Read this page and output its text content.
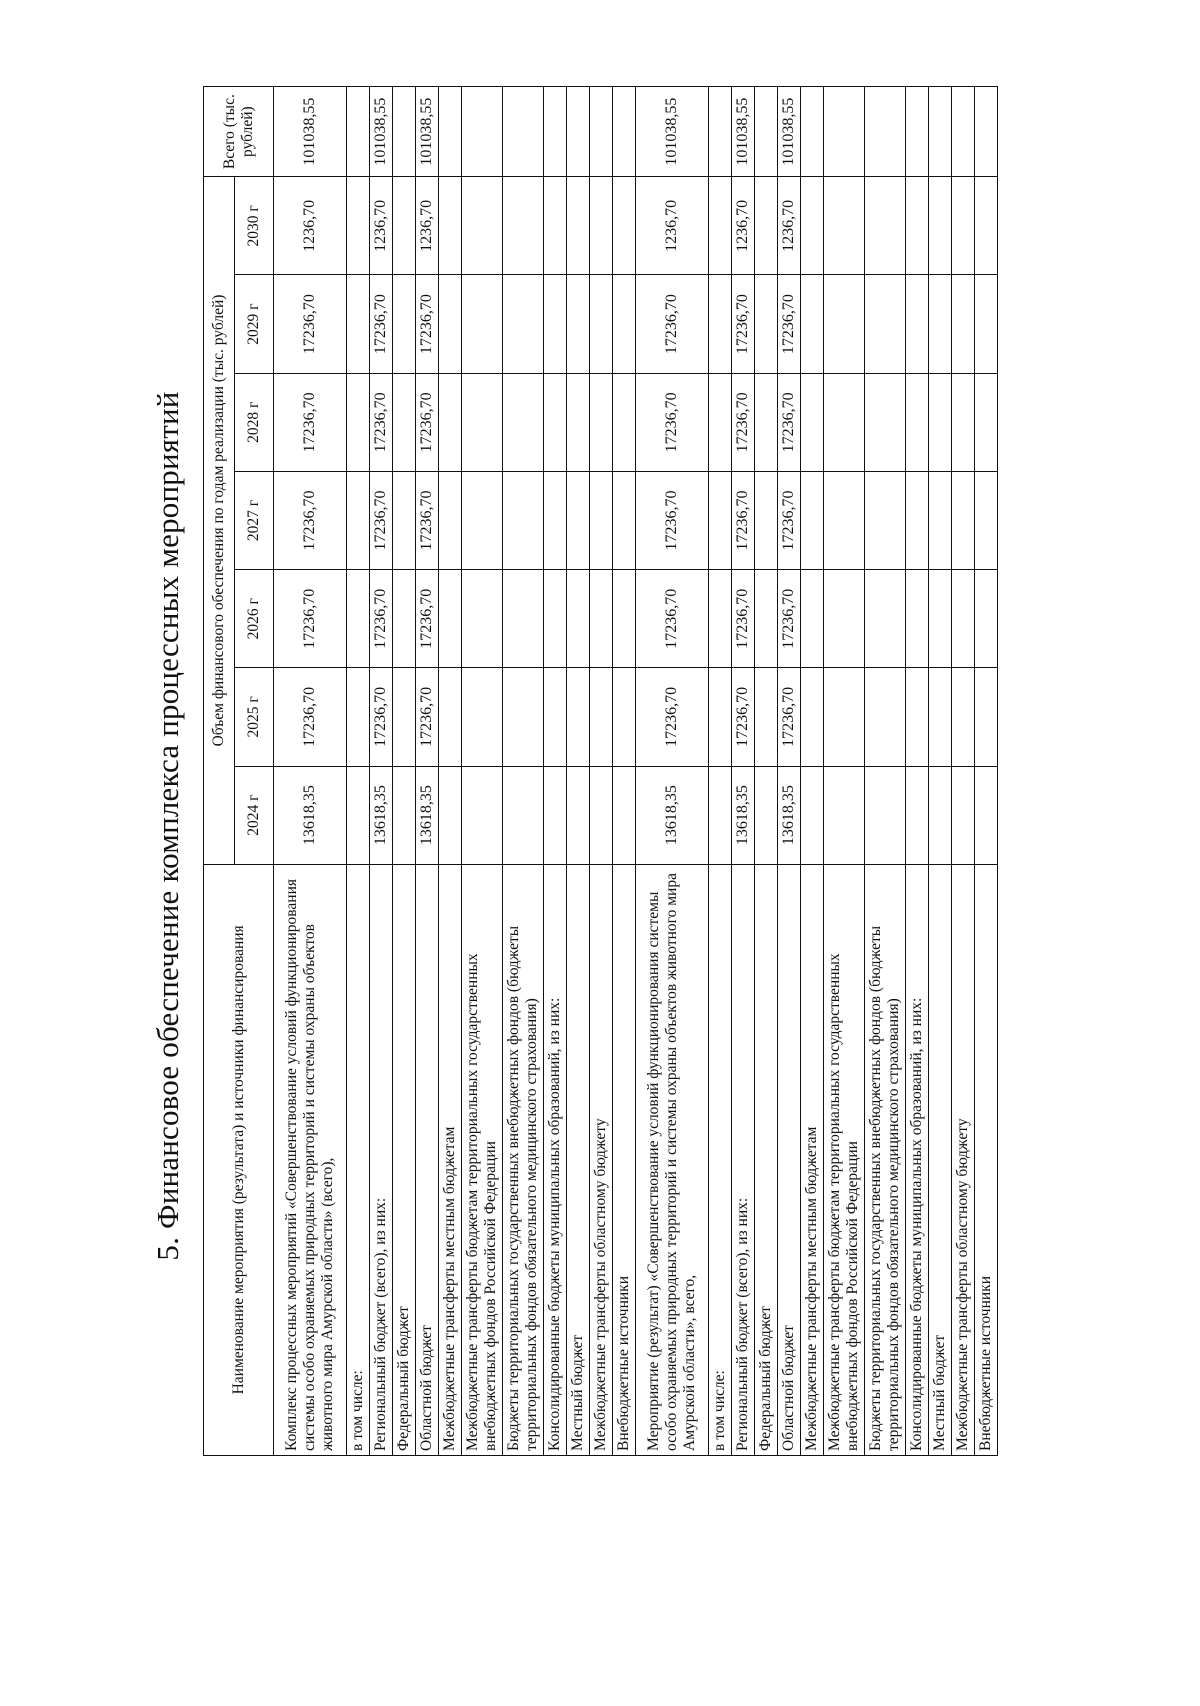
5. Финансовое обеспечение комплекса процессных мероприятий	Наименование мероприятия (результата) и источники финансирования	Объем финансового обеспечения по годам реализации (тыс. рублей)							Всего (тыс. рублей)
	2024 г	2025 г	2026 г	2027 г	2028 г	2029 г	2030 г	
Комплекс процессных мероприятий «Совершенствование условий функционирования системы особо охраняемых природных территорий и системы охраны объектов животного мира Амурской области» (всего),	13618,35	17236,70	17236,70	17236,70	17236,70	17236,70	1236,70	101038,55
в том числе:								
Региональный бюджет (всего), из них:	13618,35	17236,70	17236,70	17236,70	17236,70	17236,70	1236,70	101038,55
Федеральный бюджет								
Областной бюджет	13618,35	17236,70	17236,70	17236,70	17236,70	17236,70	1236,70	101038,55
Межбюджетные трансферты местным бюджетам								
Межбюджетные трансферты бюджетам территориальных государственных внебюджетных фондов Российской Федерации								
Бюджеты территориальных государственных внебюджетных фондов (бюджеты территориальных фондов обязательного медицинского страхования)								
Консолидированные бюджеты муниципальных образований, из них:								
Местный бюджет								
Межбюджетные трансферты областному бюджету								
Внебюджетные источники								
Мероприятие (результат) «Совершенствование условий функционирования системы особо охраняемых природных территорий и системы охраны объектов животного мира Амурской области», всего,	13618,35	17236,70	17236,70	17236,70	17236,70	17236,70	1236,70	101038,55
в том числе:								
Региональный бюджет (всего), из них:	13618,35	17236,70	17236,70	17236,70	17236,70	17236,70	1236,70	101038,55
Федеральный бюджет								
Областной бюджет	13618,35	17236,70	17236,70	17236,70	17236,70	17236,70	1236,70	101038,55
Межбюджетные трансферты местным бюджетам								
Межбюджетные трансферты бюджетам территориальных государственных внебюджетных фондов Российской Федерации								
Бюджеты территориальных государственных внебюджетных фондов (бюджеты территориальных фондов обязательного медицинского страхования)								
Консолидированные бюджеты муниципальных образований, из них:								
Местный бюджет								
Межбюджетные трансферты областному бюджету								
Внебюджетные источники								
